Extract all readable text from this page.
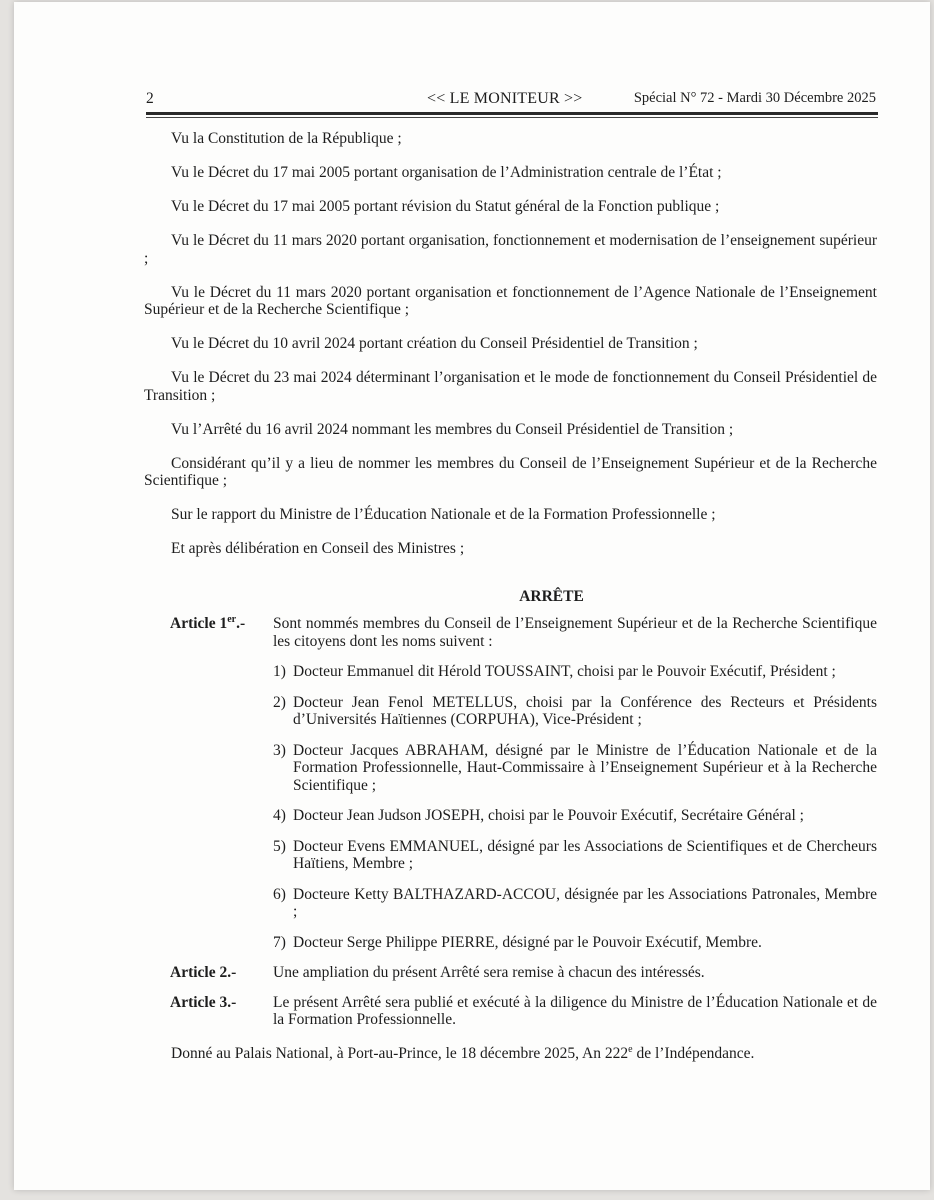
2	<< LE MONITEUR >>	Spécial N° 72 - Mardi 30 Décembre 2025

Vu la Constitution de la République ;

Vu le Décret du 17 mai 2005 portant organisation de l’Administration centrale de l’État ;

Vu le Décret du 17 mai 2005 portant révision du Statut général de la Fonction publique ;

Vu le Décret du 11 mars 2020 portant organisation, fonctionnement et modernisation de l’enseignement supérieur ;

Vu le Décret du 11 mars 2020 portant organisation et fonctionnement de l’Agence Nationale de l’Enseignement Supérieur et de la Recherche Scientifique ;

Vu le Décret du 10 avril 2024 portant création du Conseil Présidentiel de Transition ;

Vu le Décret du 23 mai 2024 déterminant l’organisation et le mode de fonctionnement du Conseil Présidentiel de Transition ;

Vu l’Arrêté du 16 avril 2024 nommant les membres du Conseil Présidentiel de Transition ;

Considérant qu’il y a lieu de nommer les membres du Conseil de l’Enseignement Supérieur et de la Recherche Scientifique ;

Sur le rapport du Ministre de l’Éducation Nationale et de la Formation Professionnelle ;

Et après délibération en Conseil des Ministres ;

ARRÊTE
Article 1er.-	Sont nommés membres du Conseil de l’Enseignement Supérieur et de la Recherche Scientifique les citoyens dont les noms suivent :
1) Docteur Emmanuel dit Hérold TOUSSAINT, choisi par le Pouvoir Exécutif, Président ;
2) Docteur Jean Fenol METELLUS, choisi par la Conférence des Recteurs et Présidents d’Universités Haïtiennes (CORPUHA), Vice-Président ;
3) Docteur Jacques ABRAHAM, désigné par le Ministre de l’Éducation Nationale et de la Formation Professionnelle, Haut-Commissaire à l’Enseignement Supérieur et à la Recherche Scientifique ;
4) Docteur Jean Judson JOSEPH, choisi par le Pouvoir Exécutif, Secrétaire Général ;
5) Docteur Evens EMMANUEL, désigné par les Associations de Scientifiques et de Chercheurs Haïtiens, Membre ;
6) Docteure Ketty BALTHAZARD-ACCOU, désignée par les Associations Patronales, Membre ;
7) Docteur Serge Philippe PIERRE, désigné par le Pouvoir Exécutif, Membre.
Article 2.-	Une ampliation du présent Arrêté sera remise à chacun des intéressés.
Article 3.-	Le présent Arrêté sera publié et exécuté à la diligence du Ministre de l’Éducation Nationale et de la Formation Professionnelle.

Donné au Palais National, à Port-au-Prince, le 18 décembre 2025, An 222e de l’Indépendance.
